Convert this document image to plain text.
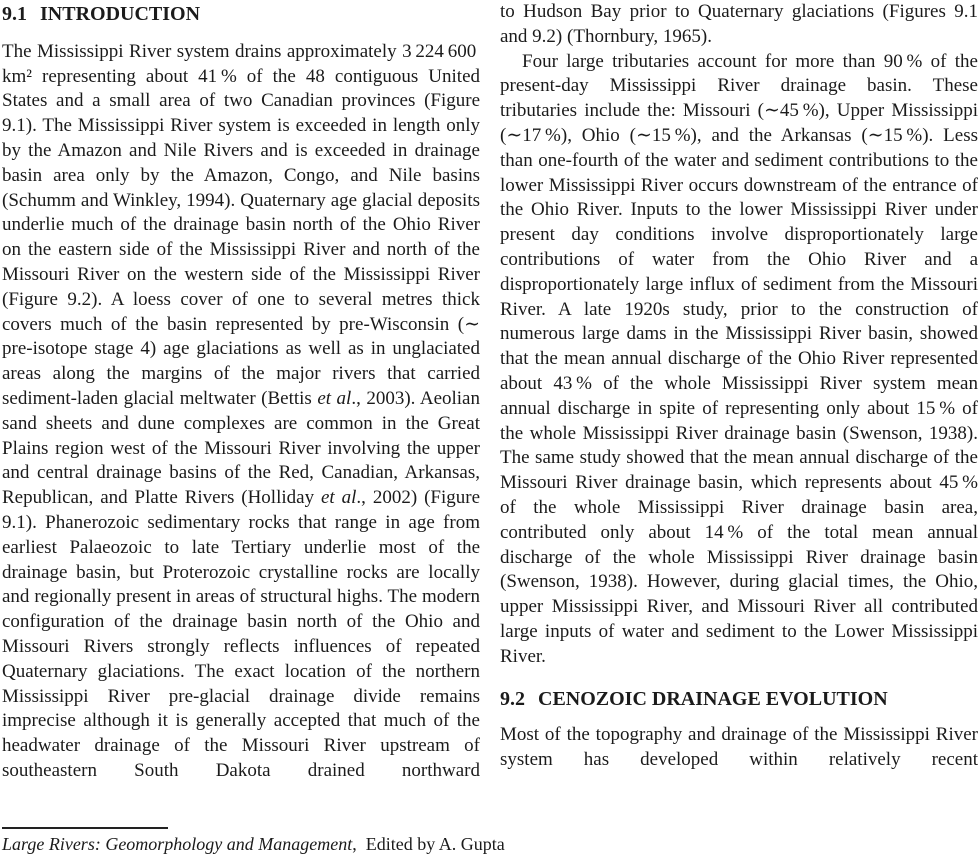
9.1 INTRODUCTION

The Mississippi River system drains approximately 3 224 600 km² representing about 41 % of the 48 contiguous United States and a small area of two Canadian provinces (Figure 9.1). The Mississippi River system is exceeded in length only by the Amazon and Nile Rivers and is exceeded in drainage basin area only by the Amazon, Congo, and Nile basins (Schumm and Winkley, 1994). Quaternary age glacial deposits underlie much of the drainage basin north of the Ohio River on the eastern side of the Mississippi River and north of the Missouri River on the western side of the Mississippi River (Figure 9.2). A loess cover of one to several metres thick covers much of the basin represented by pre-Wisconsin (∼ pre-isotope stage 4) age glaciations as well as in unglaciated areas along the margins of the major rivers that carried sediment-laden glacial meltwater (Bettis et al., 2003). Aeolian sand sheets and dune complexes are common in the Great Plains region west of the Missouri River involving the upper and central drainage basins of the Red, Canadian, Arkansas, Republican, and Platte Rivers (Holliday et al., 2002) (Figure 9.1). Phanerozoic sedimentary rocks that range in age from earliest Palaeozoic to late Tertiary underlie most of the drainage basin, but Proterozoic crystalline rocks are locally and regionally present in areas of structural highs. The modern configuration of the drainage basin north of the Ohio and Missouri Rivers strongly reflects influences of repeated Quaternary glaciations. The exact location of the northern Mississippi River pre-glacial drainage divide remains imprecise although it is generally accepted that much of the headwater drainage of the Missouri River upstream of southeastern South Dakota drained northward

to Hudson Bay prior to Quaternary glaciations (Figures 9.1 and 9.2) (Thornbury, 1965).

Four large tributaries account for more than 90 % of the present-day Mississippi River drainage basin. These tributaries include the: Missouri (∼45 %), Upper Mississippi (∼17 %), Ohio (∼15 %), and the Arkansas (∼15 %). Less than one-fourth of the water and sediment contributions to the lower Mississippi River occurs downstream of the entrance of the Ohio River. Inputs to the lower Mississippi River under present day conditions involve disproportionately large contributions of water from the Ohio River and a disproportionately large influx of sediment from the Missouri River. A late 1920s study, prior to the construction of numerous large dams in the Mississippi River basin, showed that the mean annual discharge of the Ohio River represented about 43 % of the whole Mississippi River system mean annual discharge in spite of representing only about 15 % of the whole Mississippi River drainage basin (Swenson, 1938). The same study showed that the mean annual discharge of the Missouri River drainage basin, which represents about 45 % of the whole Mississippi River drainage basin area, contributed only about 14 % of the total mean annual discharge of the whole Mississippi River drainage basin (Swenson, 1938). However, during glacial times, the Ohio, upper Mississippi River, and Missouri River all contributed large inputs of water and sediment to the Lower Mississippi River.

9.2 CENOZOIC DRAINAGE EVOLUTION

Most of the topography and drainage of the Mississippi River system has developed within relatively recent

Large Rivers: Geomorphology and Management, Edited by A. Gupta
